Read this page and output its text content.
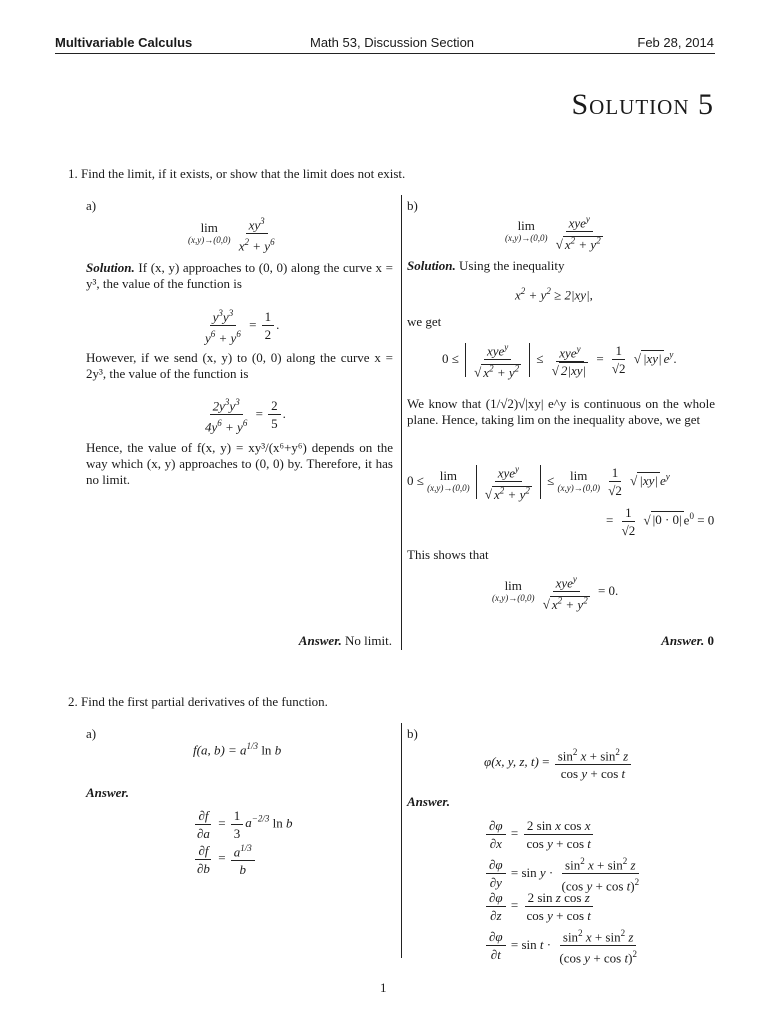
Multivariable Calculus	Math 53, Discussion Section	Feb 28, 2014
Solution 5
1. Find the limit, if it exists, or show that the limit does not exist.
a)
lim
(x,y)→(0,0)
$\frac{xy^3}{x^2 + y^6}$
Solution. If (x, y) approaches to (0, 0) along the curve x = y³, the value of the function is
$\frac{y^3y^3}{y^6 + y^6} = \frac{1}{2}$ .
However, if we send (x, y) to (0, 0) along the curve x = 2y³, the value of the function is
$\frac{2y^3y^3}{4y^6 + y^6} = \frac{2}{5}$ .
Hence, the value of f(x, y) = xy³/(x⁶+y⁶) depends on the way which (x, y) approaches to (0, 0) by. Therefore, it has no limit.
Answer. No limit.
b)
lim
(x,y)→(0,0)
$\frac{xye^y}{√ x^2 + y^2}$
Solution. Using the inequality
$x^2 + y^2 \ge 2|xy|$,
we get
$0 \le \frac{xye^y}{√ x^2 + y^2} \le \frac{xye^y}{√ 2|xy|} = \frac{1}{√2}$ √ |xy| $e^y$.
We know that (1/√2)√|xy| e^y is continuous on the whole plane. Hence, taking lim on the inequality above, we get
0 ≤ lim
(x,y)→(0,0)
$\frac{xye^y}{√ x^2 + y^2} \le \lim$
(x,y)→(0,0)
$\frac{1}{√2}$ √ |xy| $e^y$
= $\frac{1}{√2}$ √ |0 · 0| $e^0 = 0$
This shows that
lim
(x,y)→(0,0)
$\frac{xye^y}{√ x^2 + y^2} = 0$.
Answer. 0
2. Find the first partial derivatives of the function.
a)
f(a, $b) = a^{1/3}$ ln b
Answer.
$\frac{\partial f}{\partial a} = \frac{1}{3} a^{-2/3}$ ln b
$\frac{\partial f}{\partial b} = \frac{a^{1/3}}{b}$
b)
φ(x, y, z, $t) = \frac{\sin^2 x + \sin^2 z}{\text{cos y + cos t}}$
Answer.
$\frac{\partial\varphi}{\partial x} = \frac{\text{2 sin x cos x}}{\text{cos y + cos t}}$
$\frac{\partial\varphi}{\partial y} = \sin y \cdot \frac{\sin^2 x + \sin^2 z}{(\cos y + \cos t)^2}$
$\frac{\partial\varphi}{\partial z} = \frac{\text{2 sin z cos z}}{\text{cos y + cos t}}$
$\frac{\partial\varphi}{\partial t} = \sin t \cdot \frac{\sin^2 x + \sin^2 z}{(\cos y + \cos t)^2}$
1
